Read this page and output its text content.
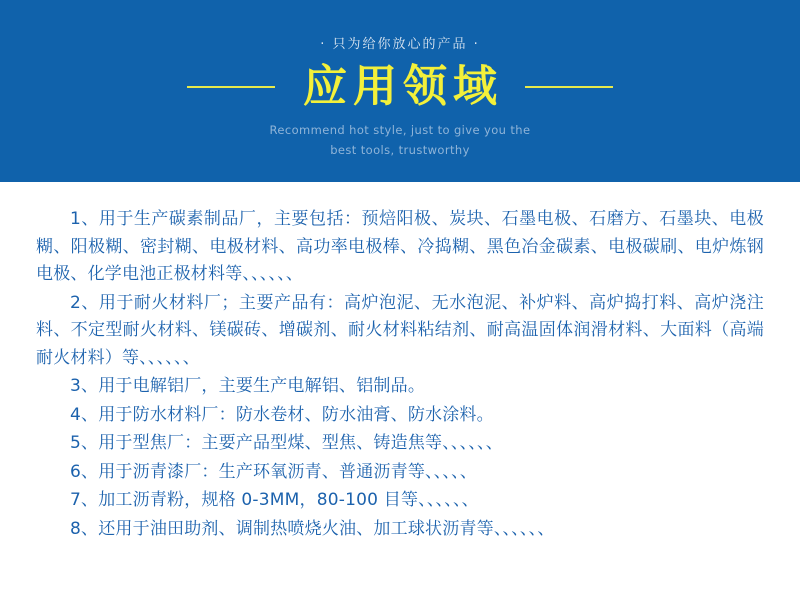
· 只为给你放心的产品 ·
应用领域
Recommend hot style, just to give you the
best tools, trustworthy

1、用于生产碳素制品厂，主要包括：预焙阳极、炭块、石墨电极、石磨方、石墨块、电极糊、阳极糊、密封糊、电极材料、高功率电极棒、冷捣糊、黑色冶金碳素、电极碳刷、电炉炼钢电极、化学电池正极材料等、、、、、、

2、用于耐火材料厂；主要产品有：高炉泡泥、无水泡泥、补炉料、高炉捣打料、高炉浇注料、不定型耐火材料、镁碳砖、增碳剂、耐火材料粘结剂、耐高温固体润滑材料、大面料（高端耐火材料）等、、、、、、

3、用于电解铝厂，主要生产电解铝、铝制品。

4、用于防水材料厂：防水卷材、防水油膏、防水涂料。

5、用于型焦厂：主要产品型煤、型焦、铸造焦等、、、、、、

6、用于沥青漆厂：生产环氧沥青、普通沥青等、、、、、

7、加工沥青粉，规格 0-3MM，80-100 目等、、、、、、

8、还用于油田助剂、调制热喷烧火油、加工球状沥青等、、、、、、
